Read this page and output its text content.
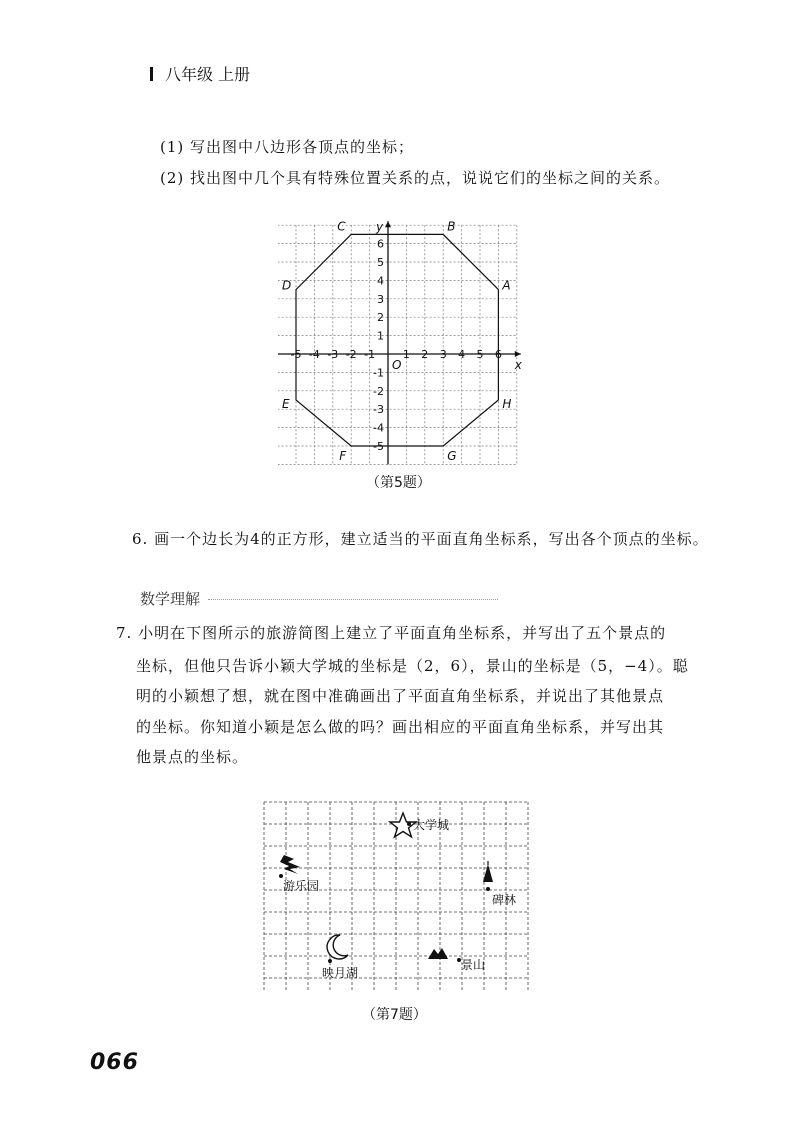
八年级 上册
(1) 写出图中八边形各顶点的坐标；
(2) 找出图中几个具有特殊位置关系的点，说说它们的坐标之间的关系。
-5 -4 -3 -2 -1	1 2 3 4 5 6
6
5
4
3
2
1
-1
-2
-3
-4
-5
O	x
y
A
B
C
D
E
F	G
H
（第5题）
6. 画一个边长为4的正方形，建立适当的平面直角坐标系，写出各个顶点的坐标。
数学理解
7. 小明在下图所示的旅游简图上建立了平面直角坐标系，并写出了五个景点的
坐标，但他只告诉小颖大学城的坐标是（2，6），景山的坐标是（5，−4）。聪
明的小颖想了想，就在图中准确画出了平面直角坐标系，并说出了其他景点
的坐标。你知道小颖是怎么做的吗？画出相应的平面直角坐标系，并写出其
他景点的坐标。
大学城
游乐园
碑林
映月湖
景山
（第7题）
066
